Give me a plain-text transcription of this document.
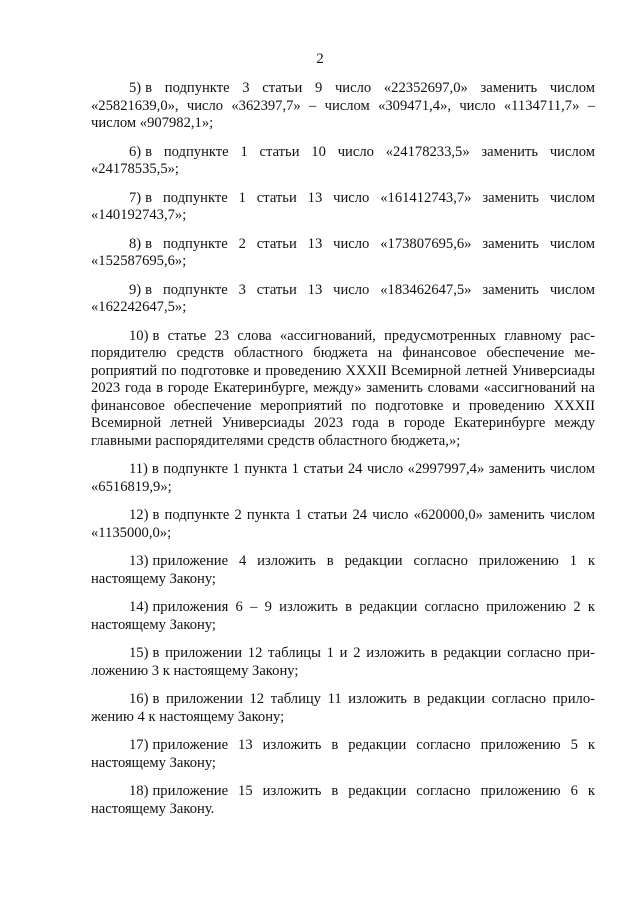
2

5) в подпункте 3 статьи 9 число «22352697,0» заменить числом «25821639,0», число «362397,7» – числом «309471,4», число «1134711,7» – числом «907982,1»;

6) в подпункте 1 статьи 10 число «24178233,5» заменить числом «24178535,5»;

7) в подпункте 1 статьи 13 число «161412743,7» заменить числом «140192743,7»;

8) в подпункте 2 статьи 13 число «173807695,6» заменить числом «152587695,6»;

9) в подпункте 3 статьи 13 число «183462647,5» заменить числом «162242647,5»;

10) в статье 23 слова «ассигнований, предусмотренных главному распорядителю средств областного бюджета на финансовое обеспечение мероприятий по подготовке и проведению XXXII Всемирной летней Универсиады 2023 года в городе Екатеринбурге, между» заменить словами «ассигнований на финансовое обеспечение мероприятий по подготовке и проведению XXXII Всемирной летней Универсиады 2023 года в городе Екатеринбурге между главными распорядителями средств областного бюджета,»;

11) в подпункте 1 пункта 1 статьи 24 число «2997997,4» заменить числом «6516819,9»;

12) в подпункте 2 пункта 1 статьи 24 число «620000,0» заменить числом «1135000,0»;

13) приложение 4 изложить в редакции согласно приложению 1 к настоящему Закону;

14) приложения 6 – 9 изложить в редакции согласно приложению 2 к настоящему Закону;

15) в приложении 12 таблицы 1 и 2 изложить в редакции согласно приложению 3 к настоящему Закону;

16) в приложении 12 таблицу 11 изложить в редакции согласно приложению 4 к настоящему Закону;

17) приложение 13 изложить в редакции согласно приложению 5 к настоящему Закону;

18) приложение 15 изложить в редакции согласно приложению 6 к настоящему Закону.
